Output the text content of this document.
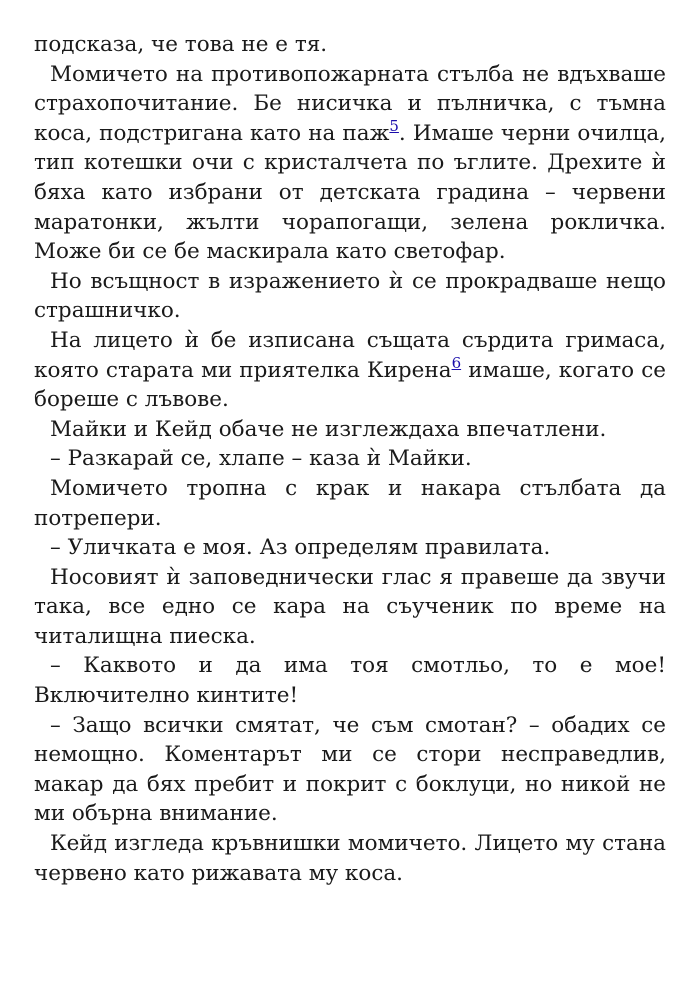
подсказа, че това не е тя.

Момичето на противопожарната стълба не вдъхваше страхопочитание. Бе нисичка и пълничка, с тъмна коса, подстригана като на паж$^5$. Имаше черни очилца, тип котешки очи с кристалчета по ъглите. Дрехите ѝ бяха като избрани от детската градина – червени маратонки, жълти чорапогащи, зелена рокличка. Може би се бе маскирала като светофар.

Но всъщност в изражението ѝ се прокрадваше нещо страшничко.

На лицето ѝ бе изписана същата сърдита гримаса, която старата ми приятелка Кирена$^6$ имаше, когато се бореше с лъвове.

Майки и Кейд обаче не изглеждаха впечатлени.

– Разкарай се, хлапе – каза ѝ Майки.

Момичето тропна с крак и накара стълбата да потрепери.

– Уличката е моя. Аз определям правилата.

Носовият ѝ заповеднически глас я правеше да звучи така, все едно се кара на съученик по време на читалищна пиеска.

– Каквото и да има тоя смотльо, то е мое! Включително кинтите!

– Защо всички смятат, че съм смотан? – обадих се немощно. Коментарът ми се стори несправедлив, макар да бях пребит и покрит с боклуци, но никой не ми обърна внимание.

Кейд изгледа кръвнишки момичето. Лицето му стана червено като рижавата му коса.
